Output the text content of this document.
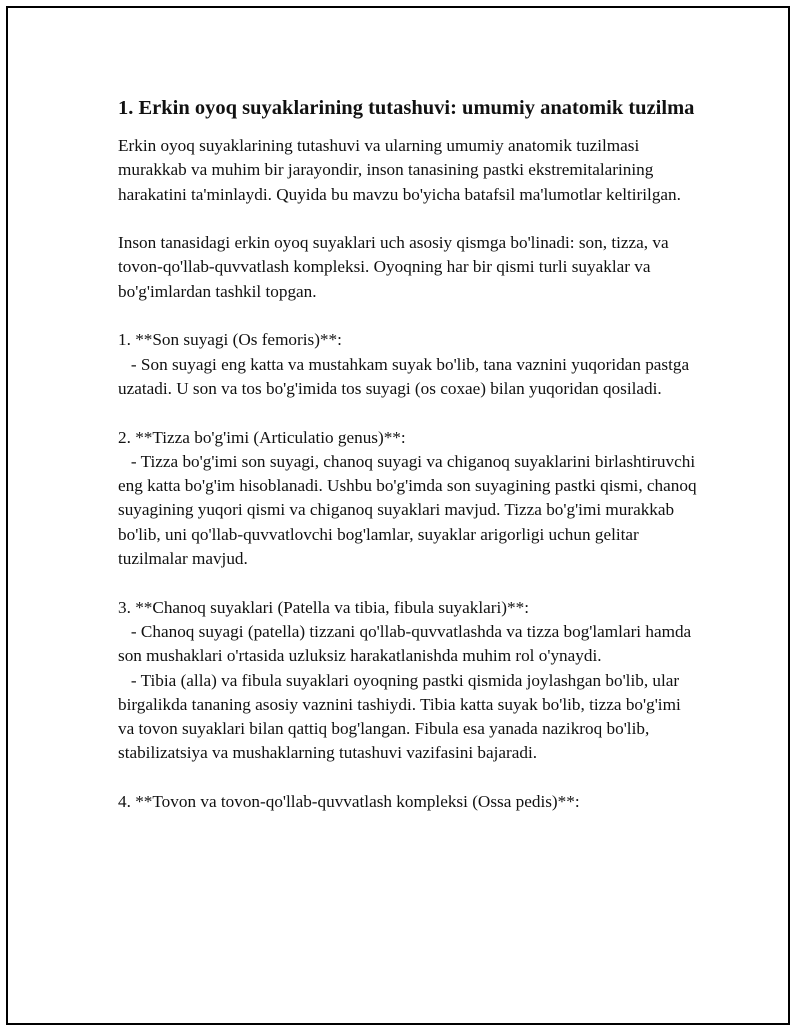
1. Erkin oyoq suyaklarining tutashuvi: umumiy anatomik tuzilma

Erkin oyoq suyaklarining tutashuvi va ularning umumiy anatomik tuzilmasi murakkab va muhim bir jarayondir, inson tanasining pastki ekstremitalarining harakatini ta'minlaydi. Quyida bu mavzu bo'yicha batafsil ma'lumotlar keltirilgan.

Inson tanasidagi erkin oyoq suyaklari uch asosiy qismga bo'linadi: son, tizza, va tovon-qo'llab-quvvatlash kompleksi. Oyoqning har bir qismi turli suyaklar va bo'g'imlardan tashkil topgan.

1. **Son suyagi (Os femoris)**:
- Son suyagi eng katta va mustahkam suyak bo'lib, tana vaznini yuqoridan pastga uzatadi. U son va tos bo'g'imida tos suyagi (os coxae) bilan yuqoridan qosiladi.

2. **Tizza bo'g'imi (Articulatio genus)**:
- Tizza bo'g'imi son suyagi, chanoq suyagi va chiganoq suyaklarini birlashtiruvchi eng katta bo'g'im hisoblanadi. Ushbu bo'g'imda son suyagining pastki qismi, chanoq suyagining yuqori qismi va chiganoq suyaklari mavjud. Tizza bo'g'imi murakkab bo'lib, uni qo'llab-quvvatlovchi bog'lamlar, suyaklar arigorligi uchun gelitar tuzilmalar mavjud.

3. **Chanoq suyaklari (Patella va tibia, fibula suyaklari)**:
- Chanoq suyagi (patella) tizzani qo'llab-quvvatlashda va tizza bog'lamlari hamda son mushaklari o'rtasida uzluksiz harakatlanishda muhim rol o'ynaydi.
- Tibia (alla) va fibula suyaklari oyoqning pastki qismida joylashgan bo'lib, ular birgalikda tananing asosiy vaznini tashiydi. Tibia katta suyak bo'lib, tizza bo'g'imi va tovon suyaklari bilan qattiq bog'langan. Fibula esa yanada nazikroq bo'lib, stabilizatsiya va mushaklarning tutashuvi vazifasini bajaradi.

4. **Tovon va tovon-qo'llab-quvvatlash kompleksi (Ossa pedis)**:
